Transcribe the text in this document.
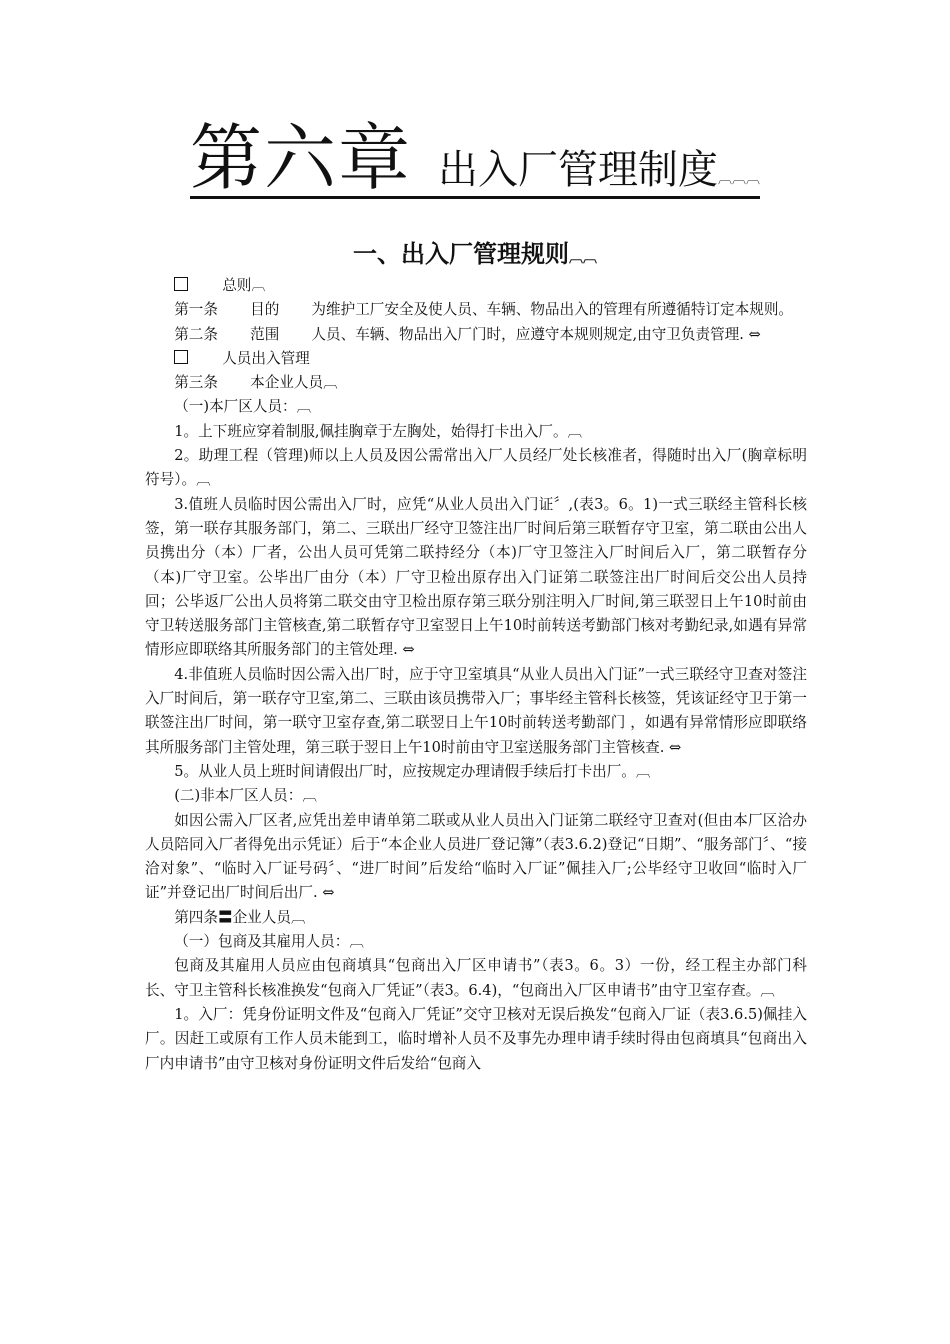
第六章 出入厂管理制度︹︹︹
一、出入厂管理规则︹︹

总则︹

第一条 目的 为维护工厂安全及使人员、车辆、物品出入的管理有所遵循特订定本规则。

第二条 范围 人员、车辆、物品出入厂门时，应遵守本规则规定,由守卫负责管理. ⇔

人员出入管理

第三条 本企业人员︹

（一)本厂区人员：︹

1。上下班应穿着制服,佩挂胸章于左胸处，始得打卡出入厂。︹

2。助理工程（管理)师以上人员及因公需常出入厂人员经厂处长核准者，得随时出入厂(胸章标明符号）。︹

3.值班人员临时因公需出入厂时，应凭“从业人员出入门证〞,(表3。6。1)一式三联经主管科长核签，第一联存其服务部门，第二、三联出厂经守卫签注出厂时间后第三联暂存守卫室，第二联由公出人员携出分（本）厂者，公出人员可凭第二联持经分（本)厂守卫签注入厂时间后入厂，第二联暂存分（本)厂守卫室。公毕出厂由分（本）厂守卫检出原存出入门证第二联签注出厂时间后交公出人员持回；公毕返厂公出人员将第二联交由守卫检出原存第三联分别注明入厂时间,第三联翌日上午10时前由守卫转送服务部门主管核查,第二联暂存守卫室翌日上午10时前转送考勤部门核对考勤纪录,如遇有异常情形应即联络其所服务部门的主管处理. ⇔

4.非值班人员临时因公需入出厂时，应于守卫室填具“从业人员出入门证”一式三联经守卫查对签注入厂时间后，第一联存守卫室,第二、三联由该员携带入厂；事毕经主管科长核签，凭该证经守卫于第一联签注出厂时间，第一联守卫室存查,第二联翌日上午10时前转送考勤部门 ，如遇有异常情形应即联络其所服务部门主管处理，第三联于翌日上午10时前由守卫室送服务部门主管核查. ⇔

5。从业人员上班时间请假出厂时，应按规定办理请假手续后打卡出厂。︹

(二)非本厂区人员：︹

如因公需入厂区者,应凭出差申请单第二联或从业人员出入门证第二联经守卫查对(但由本厂区洽办人员陪同入厂者得免出示凭证）后于“本企业人员进厂登记簿”（表3.6.2)登记“日期”、“服务部门〞、“接洽对象”、“临时入厂证号码〞、“进厂时间”后发给“临时入厂证”佩挂入厂;公毕经守卫收回“临时入厂证”并登记出厂时间后出厂. ⇔

第四条〓企业人员︹

（一）包商及其雇用人员：︹

包商及其雇用人员应由包商填具“包商出入厂区申请书”（表3。6。3）一份，经工程主办部门科长、守卫主管科长核准换发“包商入厂凭证”（表3。6.4)，“包商出入厂区申请书”由守卫室存查。︹

1。入厂：凭身份证明文件及“包商入厂凭证”交守卫核对无误后换发“包商入厂证（表3.6.5)佩挂入厂。因赶工或原有工作人员未能到工，临时增补人员不及事先办理申请手续时得由包商填具“包商出入厂内申请书”由守卫核对身份证明文件后发给“包商入
